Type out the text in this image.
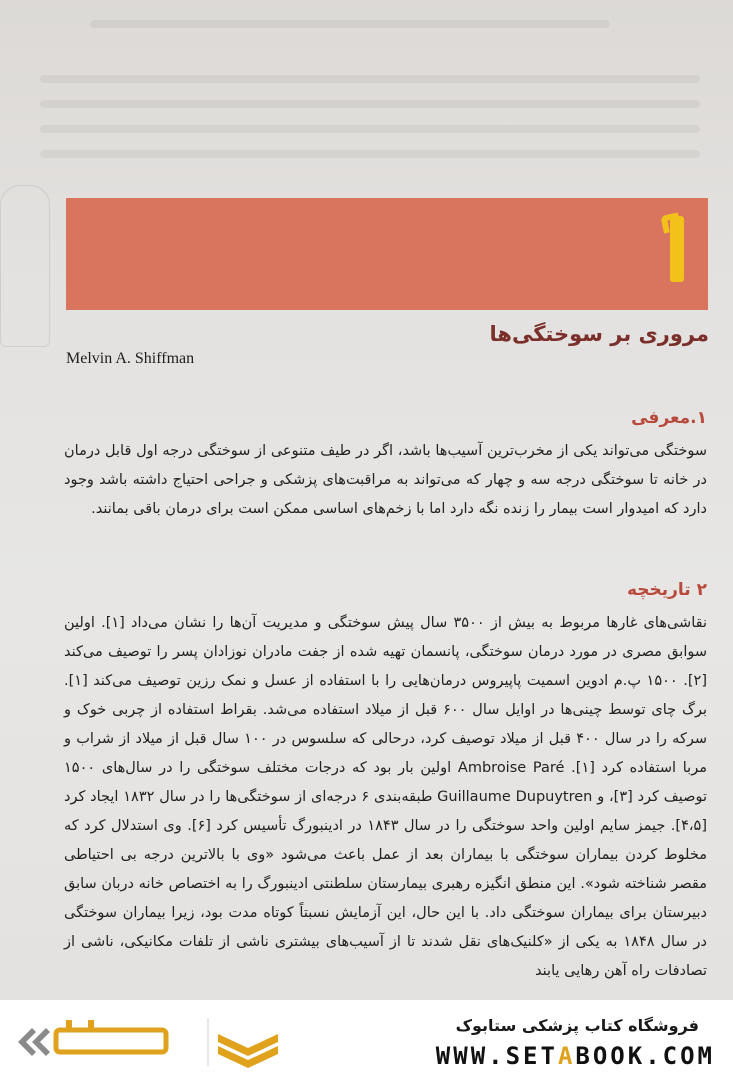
مروری بر سوختگی‌ها
Melvin A. Shiffman
۱.معرفی

سوختگی می‌تواند یکی از مخرب‌ترین آسیب‌ها باشد، اگر در طیف متنوعی از سوختگی درجه اول قابل درمان در خانه تا سوختگی درجه سه و چهار که می‌تواند به مراقبت‌های پزشکی و جراحی احتیاج داشته باشد وجود دارد که امیدوار است بیمار را زنده نگه دارد اما با زخم‌های اساسی ممکن است برای درمان باقی بمانند.

۲ تاریخچه

نقاشی‌های غارها مربوط به بیش از ۳۵۰۰ سال پیش سوختگی و مدیریت آن‌ها را نشان می‌داد [۱]. اولین سوابق مصری در مورد درمان سوختگی، پانسمان تهیه شده از جفت مادران نوزادان پسر را توصیف می‌کند [۲]. ۱۵۰۰ پ.م ادوین اسمیت پاپیروس درمان‌هایی را با استفاده از عسل و نمک رزین توصیف می‌کند [۱]. برگ چای توسط چینی‌ها در اوایل سال ۶۰۰ قبل از میلاد استفاده می‌شد. بقراط استفاده از چربی خوک و سرکه را در سال ۴۰۰ قبل از میلاد توصیف کرد، درحالی که سلسوس در ۱۰۰ سال قبل از میلاد از شراب و مربا استفاده کرد [۱]. Ambroise Paré اولین بار بود که درجات مختلف سوختگی را در سال‌های ۱۵۰۰ توصیف کرد [۳]، و Guillaume Dupuytren طبقه‌بندی ۶ درجه‌ای از سوختگی‌ها را در سال ۱۸۳۲ ایجاد کرد [۴،۵]. جیمز سایم اولین واحد سوختگی را در سال ۱۸۴۳ در ادینبورگ تأسیس کرد [۶]. وی استدلال کرد که مخلوط کردن بیماران سوختگی با بیماران بعد از عمل باعث می‌شود «وی با بالاترین درجه بی احتیاطی مقصر شناخته شود». این منطق انگیزه رهبری بیمارستان سلطنتی ادینبورگ را به اختصاص خانه دربان سابق دبیرستان برای بیماران سوختگی داد. با این حال، این آزمایش نسبتاً کوتاه مدت بود، زیرا بیماران سوختگی در سال ۱۸۴۸ به یکی از «کلنیک‌های نقل شدند تا از آسیب‌های بیشتری ناشی از تلفات مکانیکی، ناشی از تصادفات راه آهن رهایی یابند

فروشگاه کتاب پزشکی ستابوک
WWW.SETABOOK.COM
